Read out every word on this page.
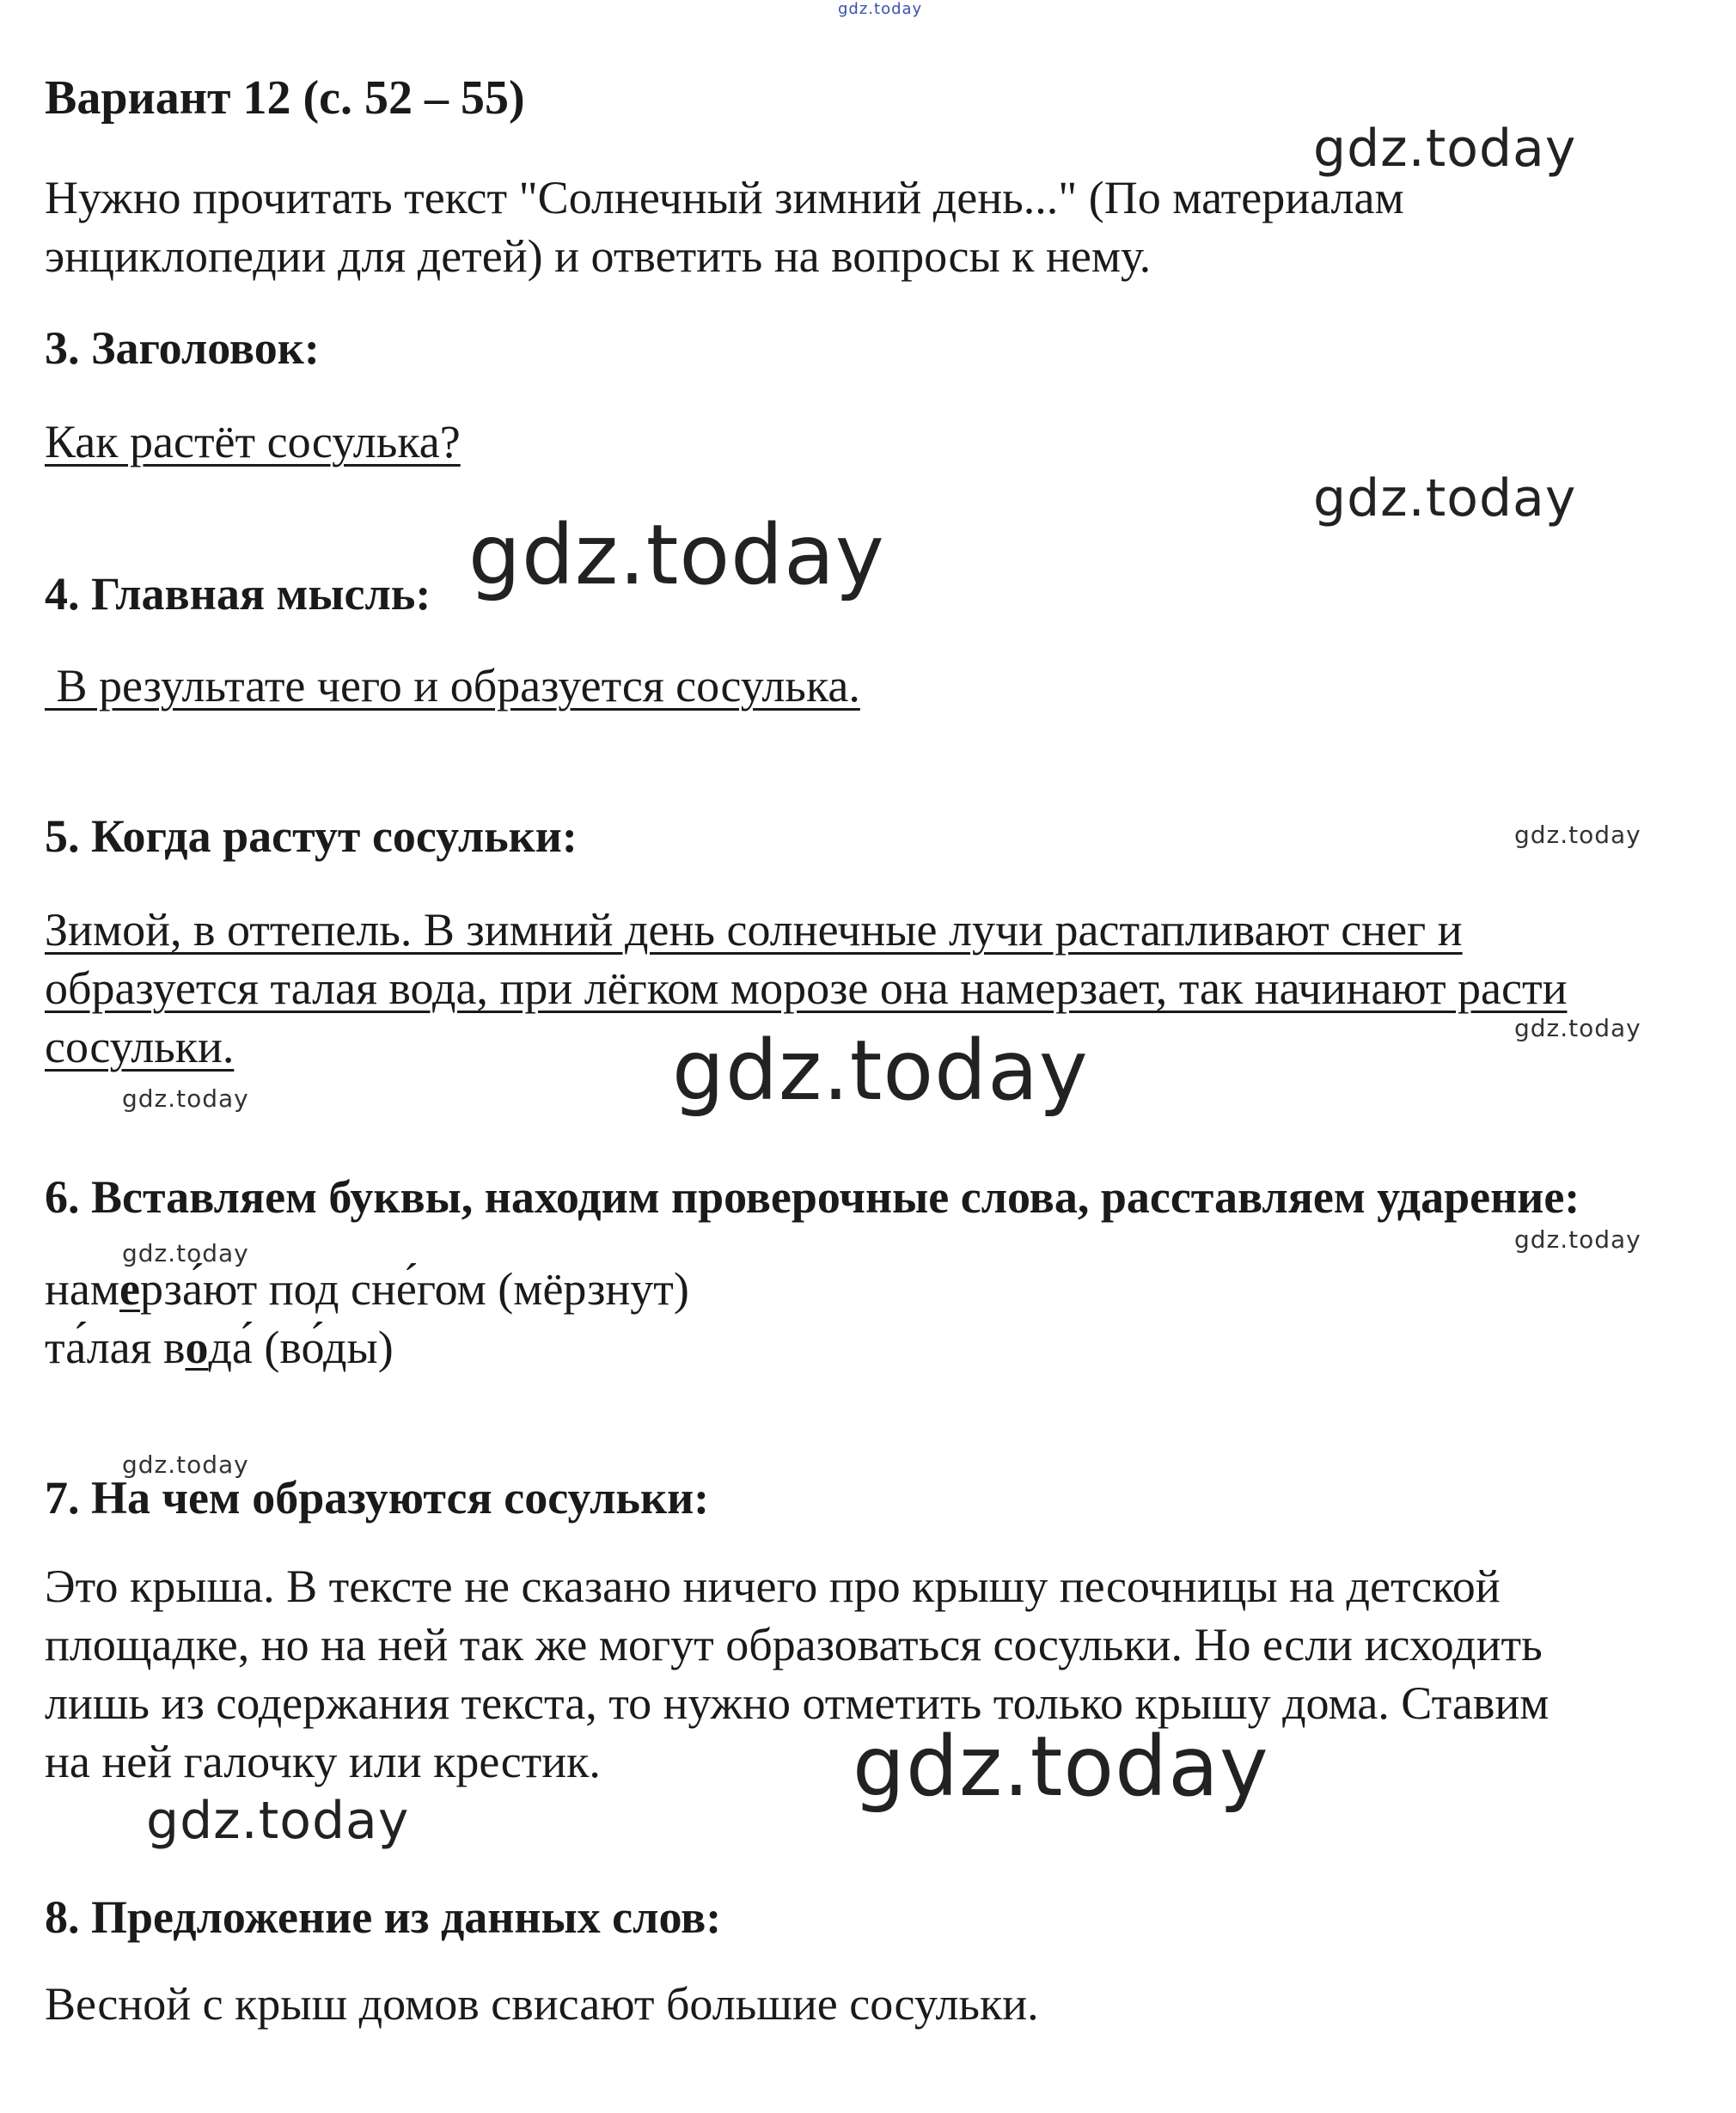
gdz.today
gdz.today
gdz.today
gdz.today
gdz.today
gdz.today
gdz.today
gdz.today
gdz.today	gdz.today
gdz.today
gdz.today
gdz.today
Вариант 12 (с. 52 – 55)
Нужно прочитать текст "Солнечный зимний день..." (По материалам
энциклопедии для детей) и ответить на вопросы к нему.
3. Заголовок:
Как растёт сосулька?
4. Главная мысль:
В результате чего и образуется сосулька.
5. Когда растут сосульки:
Зимой, в оттепель. В зимний день солнечные лучи растапливают снег и
образуется талая вода, при лёгком морозе она намерзает, так начинают расти
сосульки.
6. Вставляем буквы, находим проверочные слова, расставляем ударение:
намерза́ют под сне́гом (мёрзнут)
та́лая вода́ (во́ды)
7. На чем образуются сосульки:
Это крыша. В тексте не сказано ничего про крышу песочницы на детской
площадке, но на ней так же могут образоваться сосульки. Но если исходить
лишь из содержания текста, то нужно отметить только крышу дома. Ставим
на ней галочку или крестик.
8. Предложение из данных слов:
Весной с крыш домов свисают большие сосульки.
